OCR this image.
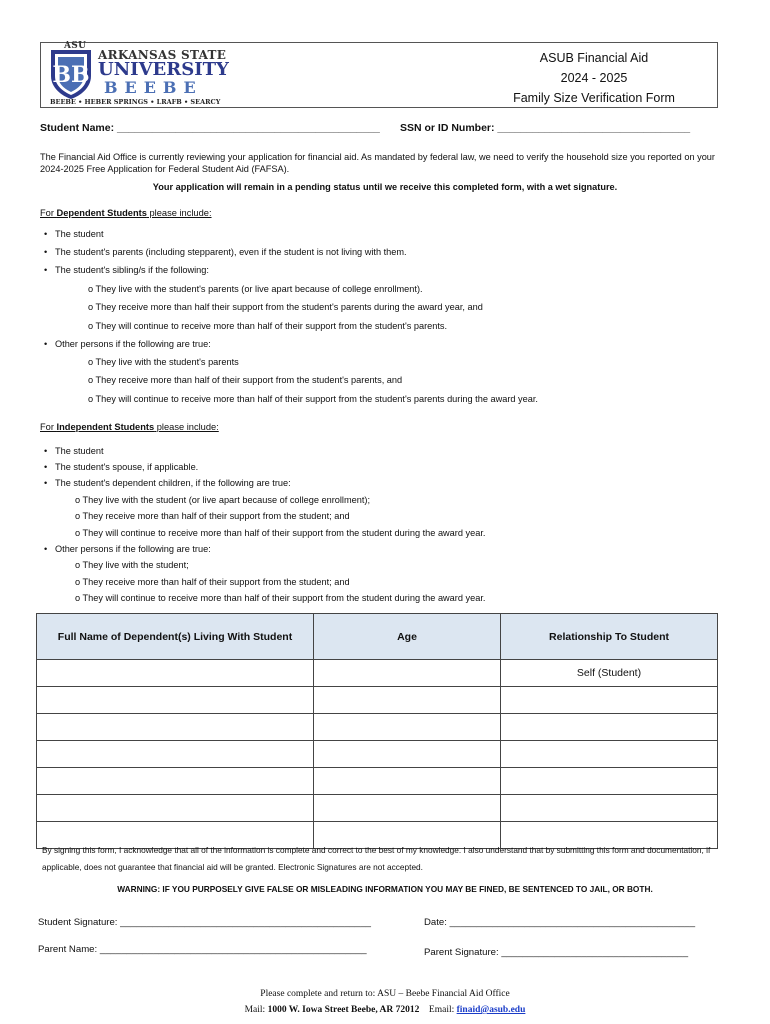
BB
ASU
ARKANSAS STATE
UNIVERSITY
BEEBE
BEEBE • HEBER SPRINGS • LRAFB • SEARCY
ASUB Financial Aid
2024 - 2025
Family Size Verification Form
Student Name: _____________________________________________ SSN or ID Number: _________________________________
The Financial Aid Office is currently reviewing your application for financial aid. As mandated by federal law, we need to verify the household size you reported on your 2024-2025 Free Application for Federal Student Aid (FAFSA).
Your application will remain in a pending status until we receive this completed form, with a wet signature.
For Dependent Students please include:
The student
The student's parents (including stepparent), even if the student is not living with them.
The student's sibling/s if the following:
o They live with the student's parents (or live apart because of college enrollment).
o They receive more than half their support from the student's parents during the award year, and
o They will continue to receive more than half of their support from the student's parents.
Other persons if the following are true:
o They live with the student's parents
o They receive more than half of their support from the student's parents, and
o They will continue to receive more than half of their support from the student's parents during the award year.
For Independent Students please include:
The student
The student's spouse, if applicable.
The student's dependent children, if the following are true:
o They live with the student (or live apart because of college enrollment);
o They receive more than half of their support from the student; and
o They will continue to receive more than half of their support from the student during the award year.
Other persons if the following are true:
o They live with the student;
o They receive more than half of their support from the student; and
o They will continue to receive more than half of their support from the student during the award year.
Full Name of Dependent(s) Living With Student	Age	Relationship To Student
		Self (Student)

By signing this form, I acknowledge that all of the information is complete and correct to the best of my knowledge. I also understand that by submitting this form and documentation, if applicable, does not guarantee that financial aid will be granted. Electronic Signatures are not accepted.
WARNING: IF YOU PURPOSELY GIVE FALSE OR MISLEADING INFORMATION YOU MAY BE FINED, BE SENTENCED TO JAIL, OR BOTH.
Student Signature: _______________________________________________	Date: ______________________________________________
Parent Name: __________________________________________________	Parent Signature: ___________________________________
Please complete and return to: ASU – Beebe Financial Aid Office
Mail: 1000 W. Iowa Street Beebe, AR 72012 Email: finaid@asub.edu
